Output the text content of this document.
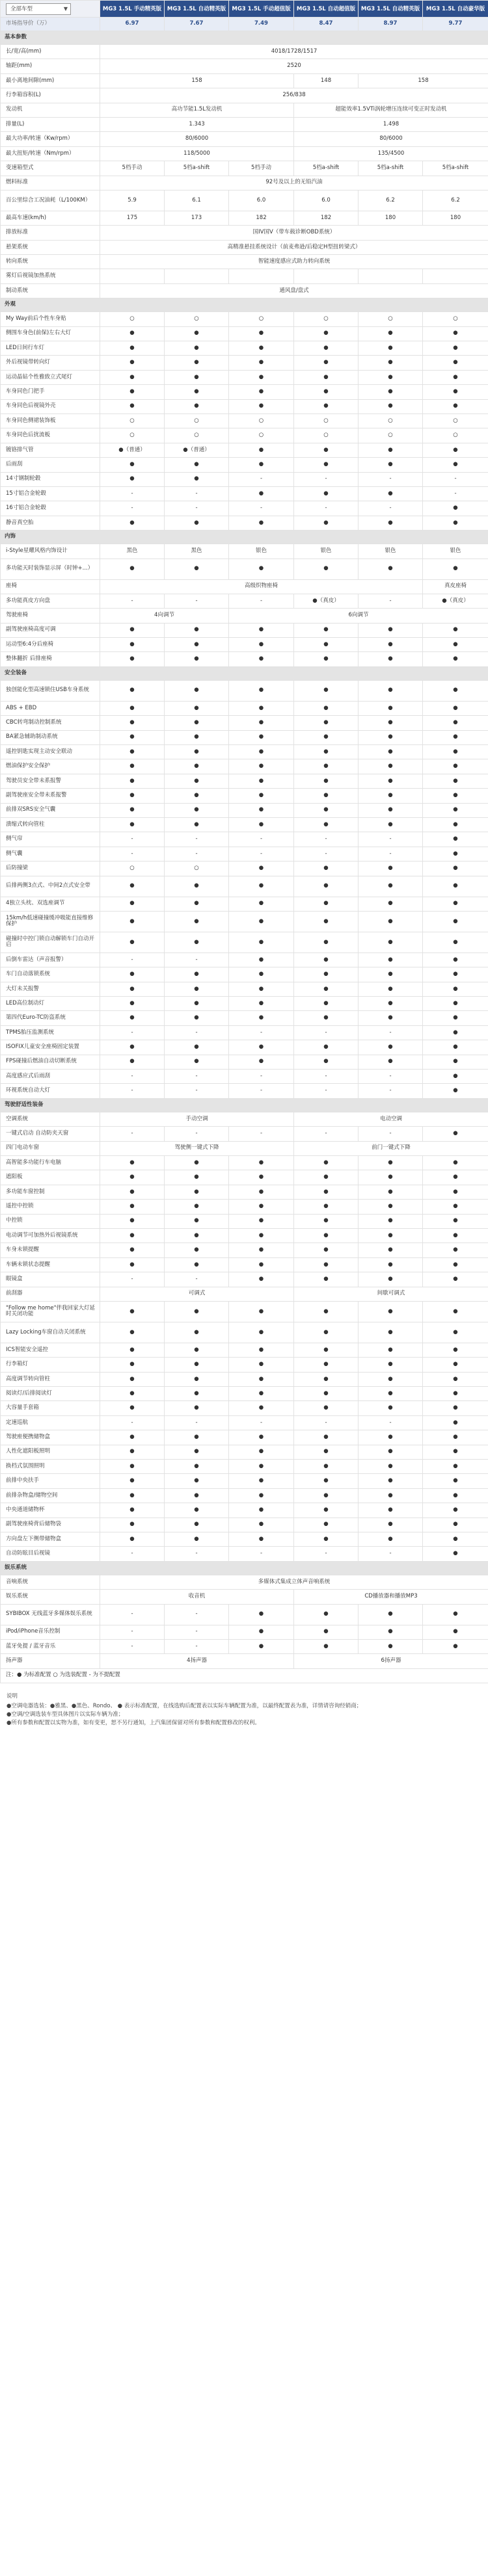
全部车型 ▼	MG3 1.5L 手动精英版	MG3 1.5L 自动精英版	MG3 1.5L 手动超值版	MG3 1.5L 自动超值版	MG3 1.5L 自动精英版	MG3 1.5L 自动豪华版
市场指导价（万）	6.97	7.67	7.49	8.47	8.97	9.77
基本参数						
长/宽/高(mm)	4018/1728/1517					
轴距(mm)	2520					
最小离地间隙(mm)	158			148	158	
行李箱容积(L)	256/838					
发动机	高功节能1.5L发动机			超能效率1.5VTi涡轮增压连续可变正时发动机		
排量(L)	1.343			1.498		
最大功率/转速（Kw/rpm）	80/6000			80/6000		
最大扭矩/转速（Nm/rpm）	118/5000			135/4500		
变速箱型式	5档手动	5档a-shift	5档手动	5档a-shift	5档a-shift	5档a-shift
燃料标准	92号及以上的无铅汽油					
百公里综合工况油耗（L/100KM）	5.9	6.1	6.0	6.0	6.2	6.2
最高车速(km/h)	175	173	182	182	180	180
排放标准	国IV国V（带车载诊断OBD系统）					
悬架系统	高精准悬挂系统设计（前麦弗逊/后稳定H型扭转梁式）					
转向系统	智能速度感应式助力转向系统					
雾灯后视镜加热系统						
制动系统	通风盘/盘式					
外观						
My Way前后个性车身贴	○	○	○	○	○	○
侧围车身色(前保)左右大灯	●	●	●	●	●	●
LED日间行车灯	●	●	●	●	●	●
外后视镜带转向灯	●	●	●	●	●	●
运动晶钻个性雅致立式尾灯	●	●	●	●	●	●
车身同色门把手	●	●	●	●	●	●
车身同色后视镜外壳	●	●	●	●	●	●
车身同色侧裙装饰板	○	○	○	○	○	○
车身同色后扰流板	○	○	○	○	○	○
镀铬排气管	●（普通）	●（普通）	●	●	●	●
后雨刮	●	●	●	●	●	●
14寸钢制轮毂	●	●	-	-	-	-
15寸铝合金轮毂	-	-	●	●	●	-
16寸铝合金轮毂	-	-	-	-	-	●
静音真空胎	●	●	●	●	●	●
内饰						
i-Style星耀风格内饰设计	黑色	黑色	银色	银色	银色	银色
多功能天时装饰显示屏（时钟+...）	●	●	●	●	●	●
座椅	高级织物座椅					真皮座椅
多功能真皮方向盘	-	-	-	●（真皮）	-	●（真皮）
驾驶座椅	4向调节		6向调节			
副驾驶座椅高度可调	●	●	●	●	●	●
运动型6:4分后座椅	●	●	●	●	●	●
整体翻折 后排座椅	●	●	●	●	●	●
安全装备						
独创能化型高速锁住USB车身系统	●	●	●	●	●	●
ABS + EBD	●	●	●	●	●	●
CBC转弯制动控制系统	●	●	●	●	●	●
BA紧急辅助制动系统	●	●	●	●	●	●
遥控钥匙实现主动安全联动	●	●	●	●	●	●
燃油保护安全保护	●	●	●	●	●	●
驾驶员安全带未系报警	●	●	●	●	●	●
副驾驶座安全带未系报警	●	●	●	●	●	●
前排双SRS安全气囊	●	●	●	●	●	●
溃缩式转向管柱	●	●	●	●	●	●
侧气帘	-	-	-	-	-	●
侧气囊	-	-	-	-	-	●
后防撞梁	○	○	●	●	●	●
后排两侧3点式、中间2点式安全带	●	●	●	●	●	●
4独立头枕、双选座调节	●	●	●	●	●	●
15km/h低速碰撞缓冲吸能直接维修保护	●	●	●	●	●	●
碰撞时中控门锁自动解锁车门自动开启	●	●	●	●	●	●
后倒车雷达（声音报警）	-	-	●	●	●	●
车门自动落锁系统	●	●	●	●	●	●
大灯未关报警	●	●	●	●	●	●
LED高位制动灯	●	●	●	●	●	●
第四代Euro-TC防盗系统	●	●	●	●	●	●
TPMS胎压监测系统	-	-	-	-	-	●
ISOFIX儿童安全座椅固定装置	●	●	●	●	●	●
FPS碰撞后燃油自动切断系统	●	●	●	●	●	●
高度感应式后雨刮	-	-	-	-	-	●
环视系统自动大灯	-	-	-	-	-	●
驾驶舒适性装备						
空调系统	手动空调			电动空调		
一键式启动 自动防夹天窗	-	-	-	-	-	●
四门电动车窗	驾驶侧一键式下降			前门一键式下降		
高智能多功能行车电脑	●	●	●	●	●	●
遮阳板	●	●	●	●	●	●
多功能车窗控制	●	●	●	●	●	●
遥控中控锁	●	●	●	●	●	●
中控锁	●	●	●	●	●	●
电动调节可加热外后视镜系统	●	●	●	●	●	●
车身未锁提醒	●	●	●	●	●	●
车辆未锁状态提醒	●	●	●	●	●	●
眼镜盒	-	-	●	●	●	●
前刮器	可调式			间歇可调式		
"Follow me home"伴我回家大灯延时关闭功能	●	●	●	●	●	●
Lazy Locking车窗自动关闭系统	●	●	●	●	●	●
ICS智能安全遥控	●	●	●	●	●	●
行李箱灯	●	●	●	●	●	●
高度调节转向管柱	●	●	●	●	●	●
阅读灯/后排阅读灯	●	●	●	●	●	●
大容量手套箱	●	●	●	●	●	●
定速巡航	-	-	-	-	-	●
驾驶座便携储物盒	●	●	●	●	●	●
人性化遮阳板照明	●	●	●	●	●	●
换档式氛围照明	●	●	●	●	●	●
前排中央扶手	●	●	●	●	●	●
前排杂物盒/储物空间	●	●	●	●	●	●
中央通道储物杯	●	●	●	●	●	●
副驾驶座椅背后储物袋	●	●	●	●	●	●
方向盘左下侧带储物盒	●	●	●	●	●	●
自动防眩目后视镜	-	-	-	-	-	●
娱乐系统						
音响系统	多媒体式集成立体声音响系统					
娱乐系统	收音机			CD播放器和播放MP3		
SYBIBOX 无线蓝牙多媒体娱乐系统	-	-	●	●	●	●
iPod/iPhone音乐控制	-	-	●	●	●	●
蓝牙免提 / 蓝牙音乐	-	-	●	●	●	●
扬声器	4扬声器			6扬声器		
注：● 为标准配置 ○ 为选装配置 - 为不提配置						
说明
●空调电器选装：●雅黑、●黑色、Rondo、 ● 表示标准配置，在线选购后配置表以实际车辆配置为准，以最终配置表为准，详情请咨询经销商；
●空调/空调选装车型具体图片以实际车辆为准；
●所有参数和配置以实物为准，如有变更，恕不另行通知，上汽集团保留对所有参数和配置修改的权利。
